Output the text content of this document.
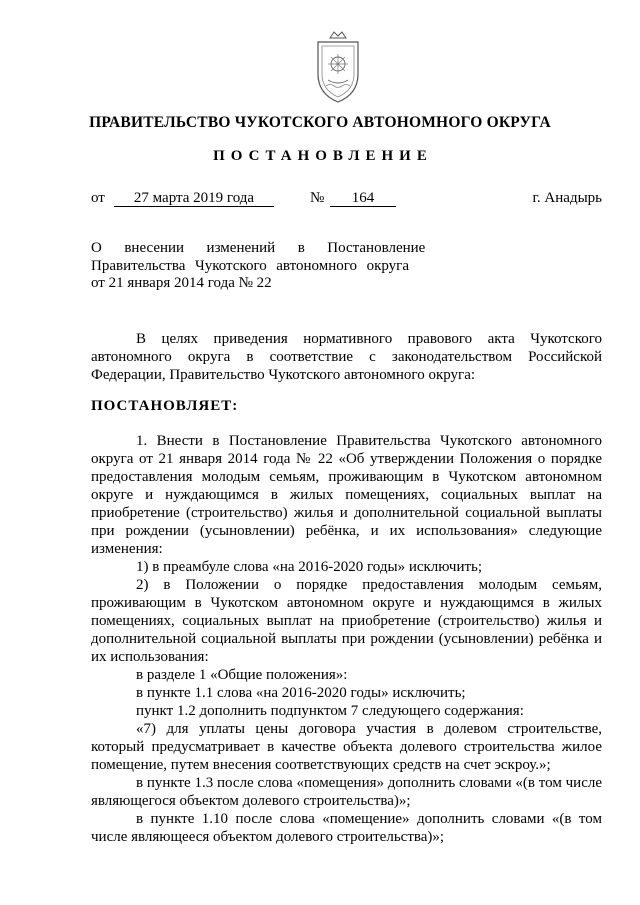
ПРАВИТЕЛЬСТВО ЧУКОТСКОГО АВТОНОМНОГО ОКРУГА
ПОСТАНОВЛЕНИЕ
от	27 марта 2019 года	№	164	г. Анадырь
О      внесении      изменений      в      Постановление
Правительства  Чукотского  автономного  округа
от 21 января 2014 года № 22
В целях приведения нормативного правового акта Чукотского автономного округа в соответствие с законодательством Российской Федерации, Правительство Чукотского автономного округа:
ПОСТАНОВЛЯЕТ:

1. Внести в Постановление Правительства Чукотского автономного округа от 21 января 2014 года № 22 «Об утверждении Положения о порядке предоставления молодым семьям, проживающим в Чукотском автономном округе и нуждающимся в жилых помещениях, социальных выплат на приобретение (строительство) жилья и дополнительной социальной выплаты при рождении (усыновлении) ребёнка, и их использования» следующие изменения:

1) в преамбуле слова «на 2016-2020 годы» исключить;

2) в Положении о порядке предоставления молодым семьям, проживающим в Чукотском автономном округе и нуждающимся в жилых помещениях, социальных выплат на приобретение (строительство) жилья и дополнительной социальной выплаты при рождении (усыновлении) ребёнка и их использования:

в разделе 1 «Общие положения»:

в пункте 1.1 слова «на 2016-2020 годы» исключить;

пункт 1.2 дополнить подпунктом 7 следующего содержания:

«7) для уплаты цены договора участия в долевом строительстве, который предусматривает в качестве объекта долевого строительства жилое помещение, путем внесения соответствующих средств на счет эскроу.»;

в пункте 1.3 после слова «помещения» дополнить словами «(в том числе являющегося объектом долевого строительства)»;

в пункте 1.10 после слова «помещение» дополнить словами «(в том числе являющееся объектом долевого строительства)»;
